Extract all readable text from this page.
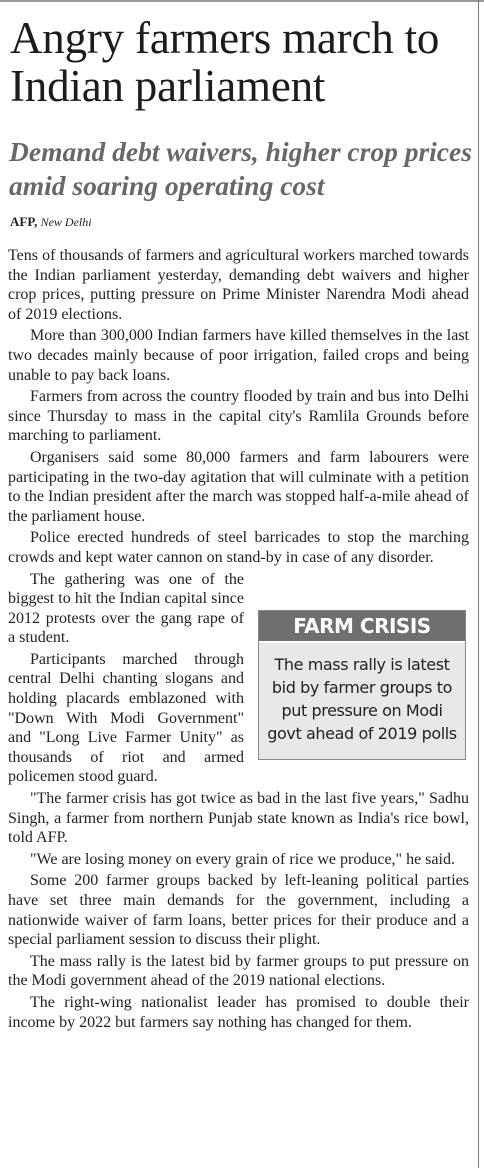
Angry farmers march to Indian parliament
Demand debt waivers, higher crop prices amid soaring operating cost
AFP, New Delhi

Tens of thousands of farmers and agricultural workers marched towards the Indian parliament yesterday, demanding debt waivers and higher crop prices, putting pressure on Prime Minister Narendra Modi ahead of 2019 elections.

More than 300,000 Indian farmers have killed themselves in the last two decades mainly because of poor irrigation, failed crops and being unable to pay back loans.

Farmers from across the country flooded by train and bus into Delhi since Thursday to mass in the capital city's Ramlila Grounds before marching to parliament.

Organisers said some 80,000 farmers and farm labourers were participating in the two-day agitation that will culminate with a petition to the Indian president after the march was stopped half-a-mile ahead of the parliament house.

Police erected hundreds of steel barricades to stop the marching crowds and kept water cannon on stand-by in case of any disorder.

The gathering was one of the biggest to hit the Indian capital since 2012 protests over the gang rape of a student.

Participants marched through central Delhi chanting slogans and holding placards emblazoned with "Down With Modi Government" and "Long Live Farmer Unity" as thousands of riot and armed policemen stood guard.

"The farmer crisis has got twice as bad in the last five years," Sadhu Singh, a farmer from northern Punjab state known as India's rice bowl, told AFP.

"We are losing money on every grain of rice we produce," he said.

Some 200 farmer groups backed by left-leaning political parties have set three main demands for the government, including a nationwide waiver of farm loans, better prices for their produce and a special parliament session to discuss their plight.

The mass rally is the latest bid by farmer groups to put pressure on the Modi government ahead of the 2019 national elections.

The right-wing nationalist leader has promised to double their income by 2022 but farmers say nothing has changed for them.

FARM CRISIS
The mass rally is latest bid by farmer groups to put pressure on Modi govt ahead of 2019 polls
